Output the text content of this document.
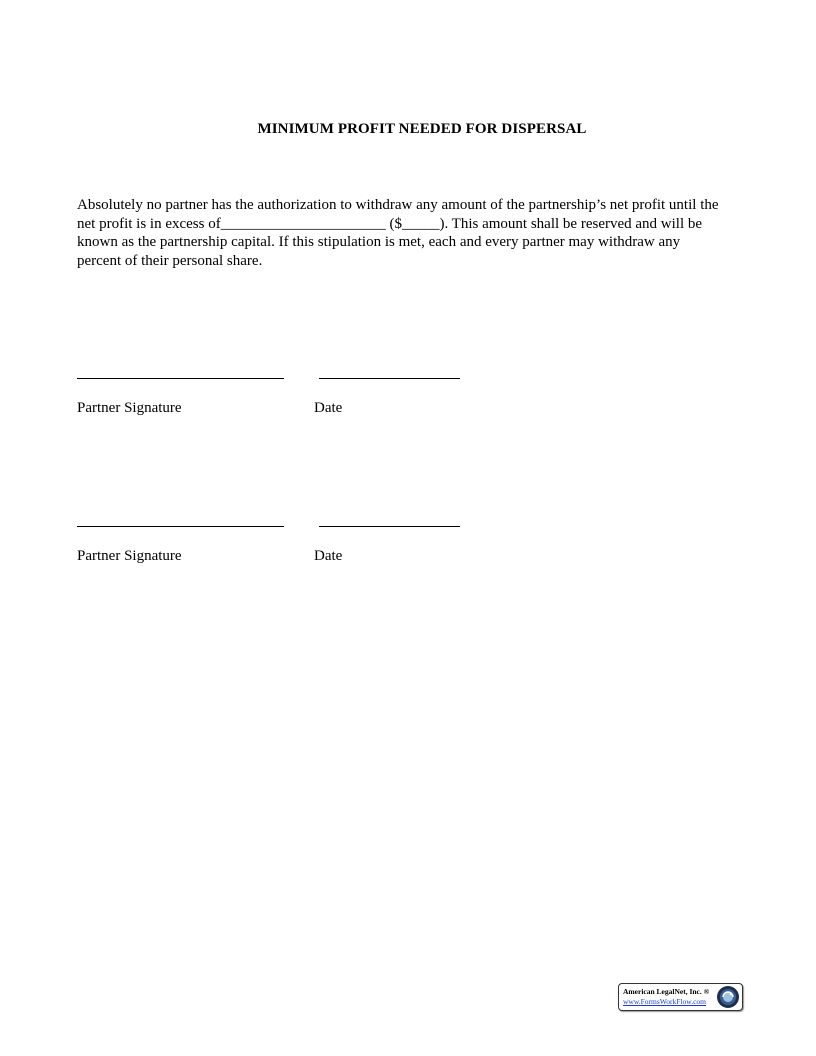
MINIMUM PROFIT NEEDED FOR DISPERSAL
Absolutely no partner has the authorization to withdraw any amount of the partnership’s net profit until the
net profit is in excess of______________________ ($_____). This amount shall be reserved and will be
known as the partnership capital. If this stipulation is met, each and every partner may withdraw any
percent of their personal share.
Partner Signature	Date
Partner Signature	Date
American LegalNet, Inc. ®
www.FormsWorkFlow.com
